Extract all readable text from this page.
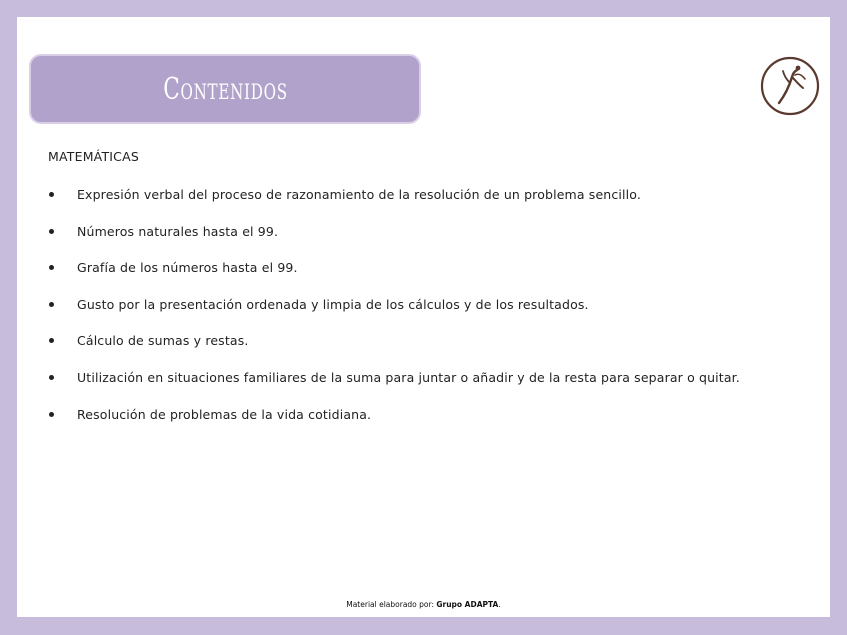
Contenidos
MATEMÁTICAS
Expresión verbal del proceso de razonamiento de la resolución de un problema sencillo.
Números naturales hasta el 99.
Grafía de los números hasta el 99.
Gusto por la presentación ordenada y limpia de los cálculos y de los resultados.
Cálculo de sumas y restas.
Utilización en situaciones familiares de la suma para juntar o añadir y de la resta para separar o quitar.
Resolución de problemas de la vida cotidiana.
Material elaborado por: Grupo ADAPTA.
